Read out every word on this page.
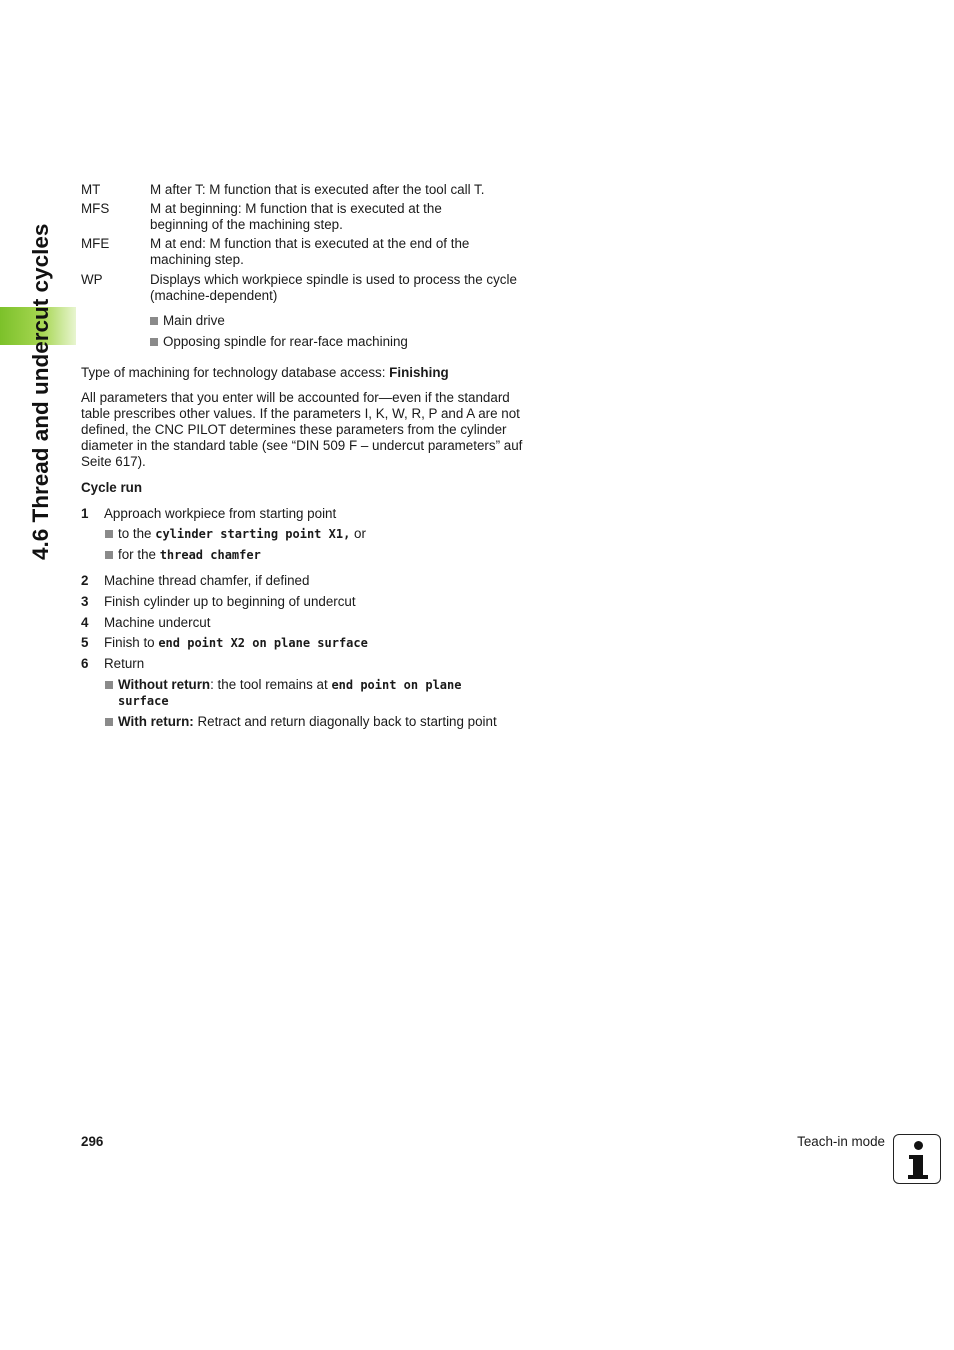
4.6 Thread and undercut cycles
MT	M after T: M function that is executed after the tool call T.
MFS	M at beginning: M function that is executed at the beginning of the machining step.
MFE	M at end: M function that is executed at the end of the machining step.
WP	Displays which workpiece spindle is used to process the cycle (machine-dependent)
Main drive
Opposing spindle for rear-face machining
Type of machining for technology database access: Finishing
All parameters that you enter will be accounted for—even if the standard table prescribes other values. If the parameters I, K, W, R, P and A are not defined, the CNC PILOT determines these parameters from the cylinder diameter in the standard table (see “DIN 509 F – undercut parameters” auf Seite 617).
Cycle run
1	Approach workpiece from starting point
to the cylinder starting point X1, or
for the thread chamfer
2	Machine thread chamfer, if defined
3	Finish cylinder up to beginning of undercut
4	Machine undercut
5	Finish to end point X2 on plane surface
6	Return
Without return: the tool remains at end point on plane surface
With return: Retract and return diagonally back to starting point
296	Teach-in mode
